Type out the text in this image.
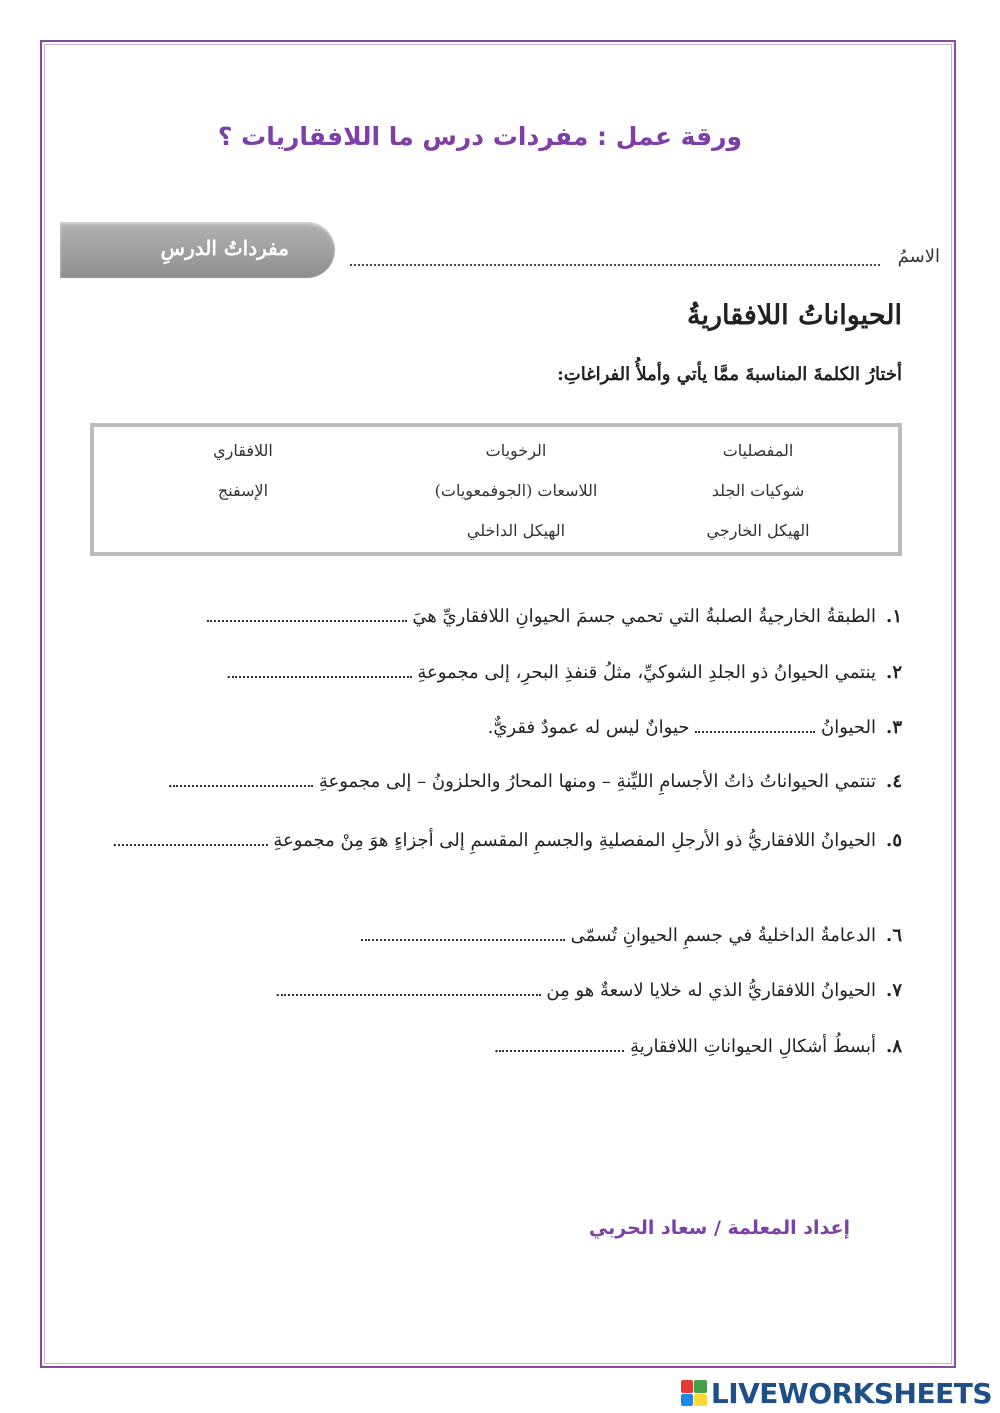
ورقة عمل : مفردات درس ما اللافقاريات ؟
مفرداتُ الدرسِ	الاسمُ
الحيواناتُ اللافقاريةُ
أختارُ الكلمةَ المناسبةَ ممَّا يأتي وأملأُ الفراغاتِ:
المفصليات
الرخويات
اللافقاري
شوكيات الجلد
اللاسعات (الجوفمعويات)
الإسفنج
الهيكل الخارجي
الهيكل الداخلي
١.الطبقةُ الخارجيةُ الصلبةُ التي تحمي جسمَ الحيوانِ اللافقاريِّ هيَ
٢.ينتمي الحيوانُ ذو الجلدِ الشوكيِّ، مثلُ قنفذِ البحرِ، إلى مجموعةِ .
٣.الحيوانُ  حيوانٌ ليس له عمودٌ فقريٌّ.
٤.تنتمي الحيواناتُ ذاتُ الأجسامِ الليِّنةِ – ومنها المحارُ والحلزونُ – إلى مجموعةِ .
٥.الحيوانُ اللافقاريُّ ذو الأرجلِ المفصليةِ والجسمِ المقسمِ إلى أجزاءٍ هوَ مِنْ مجموعةِ .
٦.الدعامةُ الداخليةُ في جسمِ الحيوانِ تُسمّى .
٧.الحيوانُ اللافقاريُّ الذي له خلايا لاسعةٌ هو مِن .
٨.أبسطُ أشكالِ الحيواناتِ اللافقاريةِ .
إعداد المعلمة / سعاد الحربي
LIVEWORKSHEETS
